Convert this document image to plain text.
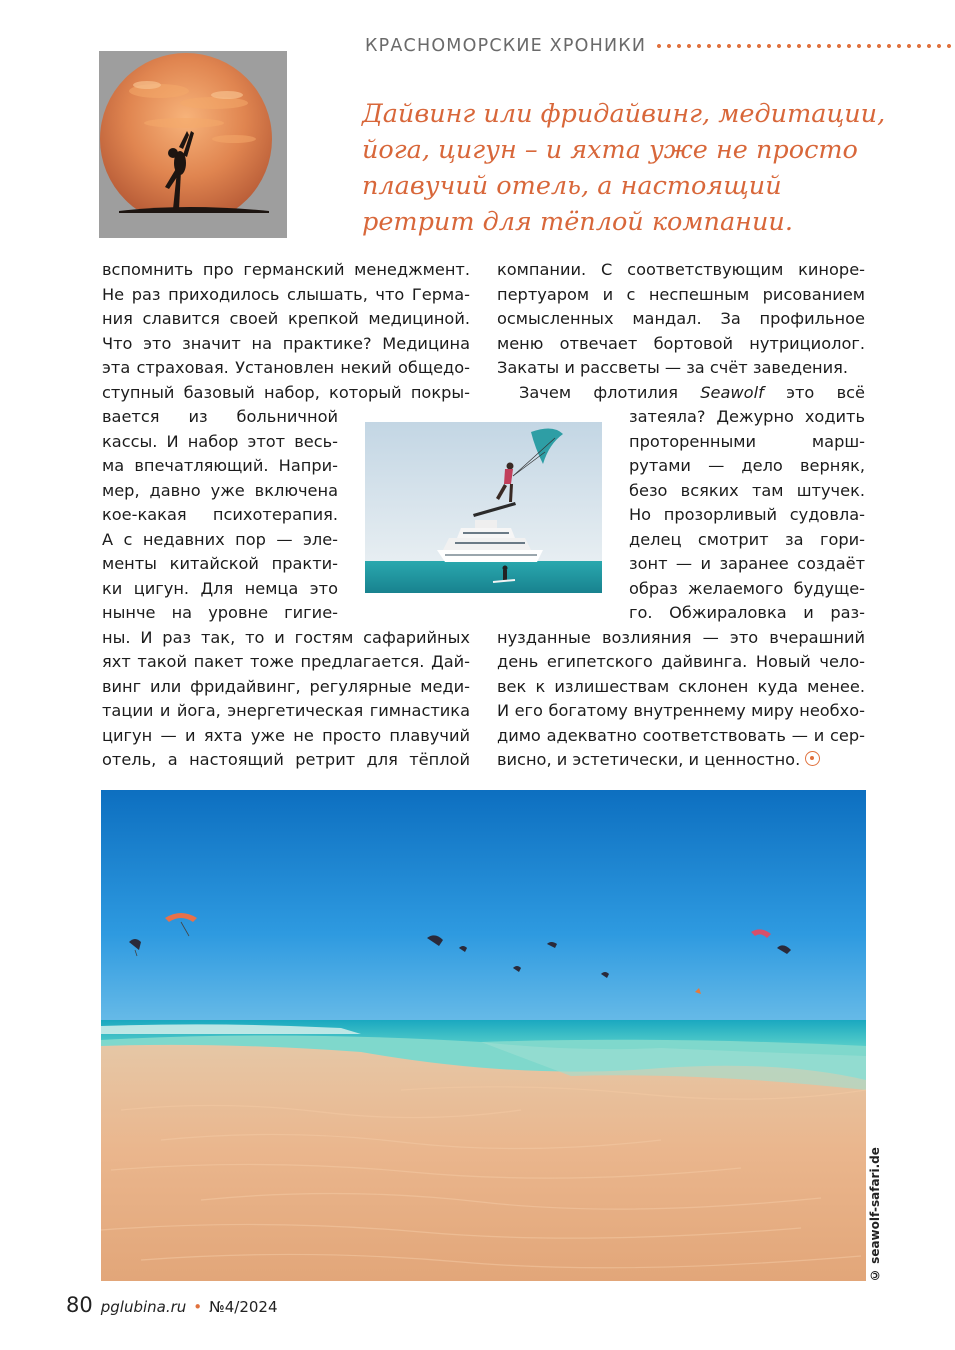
КРАСНОМОРСКИЕ ХРОНИКИ
Дайвинг или фридайвинг, медитации,
йога, цигун – и яхта уже не просто
плавучий отель, а настоящий
ретрит для тёплой компании.
вспомнить про германский менеджмент.
Не раз приходилось слышать, что Герма-
ния славится своей крепкой медициной.
Что это значит на практике? Медицина
эта страховая. Установлен некий общедо-
ступный базовый набор, который покры-
вается из больничной
кассы. И набор этот весь-
ма впечатляющий. Напри-
мер, давно уже включена
кое-какая психотерапия.
А с недавних пор — эле-
менты китайской практи-
ки цигун. Для немца это
нынче на уровне гигие-
ны. И раз так, то и гостям сафарийных
яхт такой пакет тоже предлагается. Дай-
винг или фридайвинг, регулярные меди-
тации и йога, энергетическая гимнастика
цигун — и яхта уже не просто плавучий
отель, а настоящий ретрит для тёплой
компании. С соответствующим киноре-
пертуаром и с неспешным рисованием
осмысленных мандал. За профильное
меню отвечает бортовой нутрициолог.
Закаты и рассветы — за счёт заведения.
Зачем флотилия Seawolf это всё
затеяла? Дежурно ходить
проторенными марш-
рутами — дело верняк,
безо всяких там штучек.
Но прозорливый судовла-
делец смотрит за гори-
зонт — и заранее создаёт
образ желаемого будуще-
го. Обжираловка и раз-
нузданные возлияния — это вчерашний
день египетского дайвинга. Новый чело-
век к излишествам склонен куда менее.
И его богатому внутреннему миру необхо-
димо адекватно соответствовать — и сер-
висно, и эстетически, и ценностно.
© seawolf-safari.de
80 pglubina.ru • №4/2024
